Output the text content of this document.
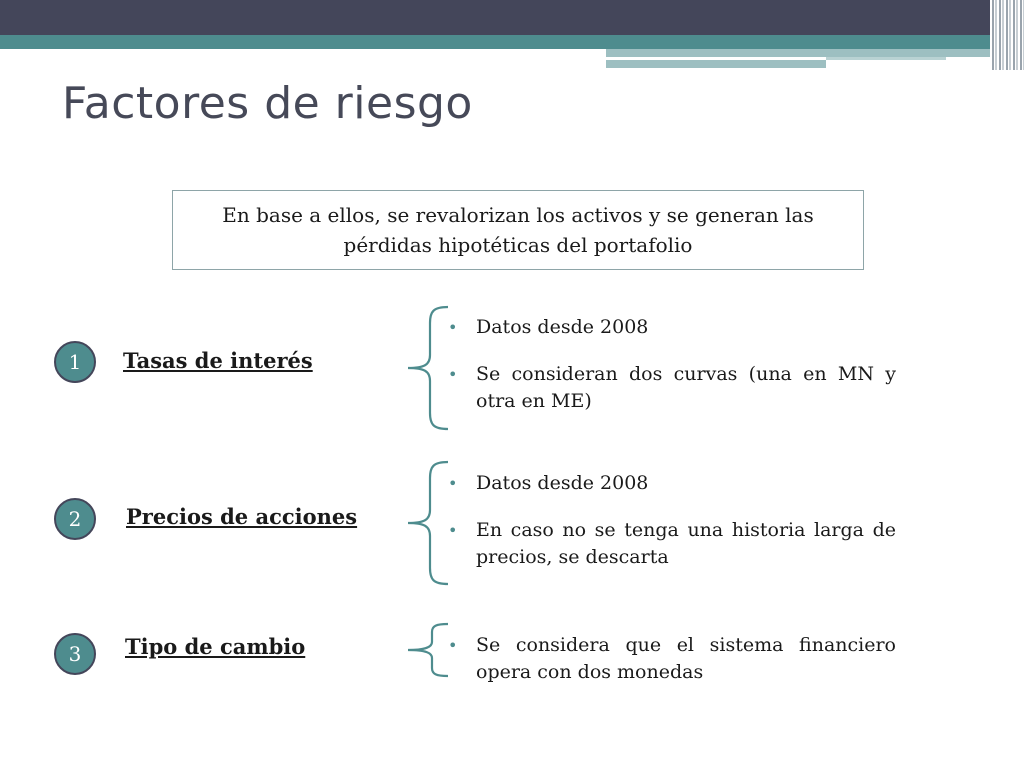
Factores de riesgo
En base a ellos, se revalorizan los activos y se generan las pérdidas hipotéticas del portafolio
1	Tasas de interés
• Datos desde 2008
• Se consideran dos curvas (una en MN y otra en ME)
2	Precios de acciones
• Datos desde 2008
• En caso no se tenga una historia larga de precios, se descarta
3	Tipo de cambio
•	Se considera que el sistema financiero opera con dos monedas
